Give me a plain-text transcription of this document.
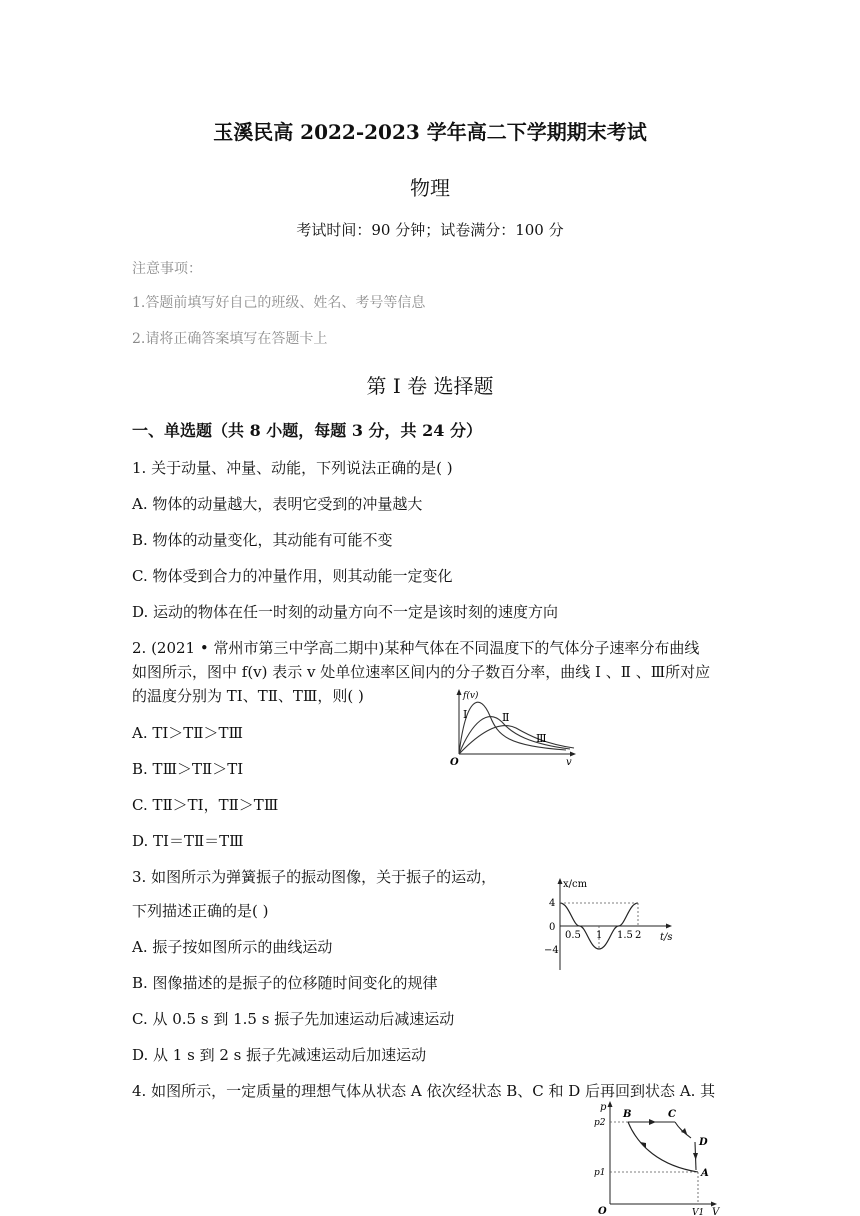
玉溪民高 2022-2023 学年高二下学期期末考试
物理
考试时间：90 分钟；试卷满分：100 分
注意事项：
1.答题前填写好自己的班级、姓名、考号等信息
2.请将正确答案填写在答题卡上
第 I 卷 选择题
一、单选题（共 8 小题，每题 3 分，共 24 分）
1. 关于动量、冲量、动能，下列说法正确的是( )
A. 物体的动量越大，表明它受到的冲量越大
B. 物体的动量变化，其动能有可能不变
C. 物体受到合力的冲量作用，则其动能一定变化
D. 运动的物体在任一时刻的动量方向不一定是该时刻的速度方向
2. (2021 • 常州市第三中学高二期中)某种气体在不同温度下的气体分子速率分布曲线
如图所示，图中 f(v) 表示 v 处单位速率区间内的分子数百分率，曲线 Ⅰ 、Ⅱ 、Ⅲ所对应
的温度分别为 TⅠ、TⅡ、TⅢ，则( )
A. TⅠ＞TⅡ＞TⅢ
B. TⅢ＞TⅡ＞TⅠ
C. TⅡ＞TⅠ，TⅡ＞TⅢ
D. TⅠ＝TⅡ＝TⅢ
f(v)
v
O
Ⅰ	Ⅱ
Ⅲ
3. 如图所示为弹簧振子的振动图像，关于振子的运动，
下列描述正确的是( )
A. 振子按如图所示的曲线运动
B. 图像描述的是振子的位移随时间变化的规律
C. 从 0.5 s 到 1.5 s 振子先加速运动后减速运动
D. 从 1 s 到 2 s 振子先减速运动后加速运动
x/cm
t/s
4
0
−4
0.5 1 1.5 2
4. 如图所示，一定质量的理想气体从状态 A 依次经状态 B、C 和 D 后再回到状态 A. 其
p
V
O
p2
p1
V1
A
B	C
D
